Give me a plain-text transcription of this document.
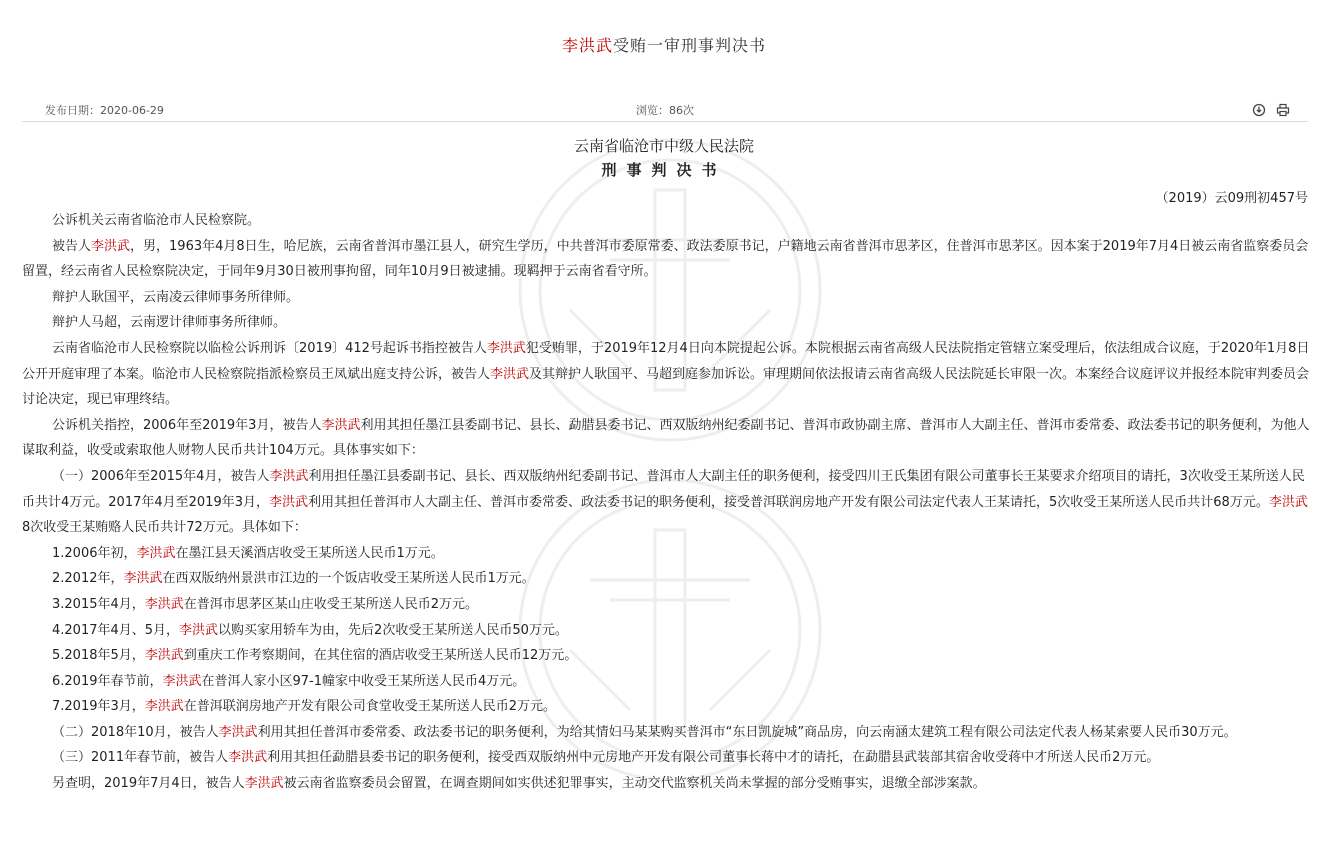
李洪武受贿一审刑事判决书
发布日期：2020-06-29	浏览：86次
云南省临沧市中级人民法院
刑事判决书
（2019）云09刑初457号

公诉机关云南省临沧市人民检察院。

被告人李洪武，男，1963年4月8日生，哈尼族，云南省普洱市墨江县人，研究生学历，中共普洱市委原常委、政法委原书记，户籍地云南省普洱市思茅区，住普洱市思茅区。因本案于2019年7月4日被云南省监察委员会留置，经云南省人民检察院决定，于同年9月30日被刑事拘留，同年10月9日被逮捕。现羁押于云南省看守所。

辩护人耿国平，云南凌云律师事务所律师。

辩护人马超，云南逻计律师事务所律师。

云南省临沧市人民检察院以临检公诉刑诉〔2019〕412号起诉书指控被告人李洪武犯受贿罪，于2019年12月4日向本院提起公诉。本院根据云南省高级人民法院指定管辖立案受理后，依法组成合议庭，于2020年1月8日公开开庭审理了本案。临沧市人民检察院指派检察员王凤斌出庭支持公诉，被告人李洪武及其辩护人耿国平、马超到庭参加诉讼。审理期间依法报请云南省高级人民法院延长审限一次。本案经合议庭评议并报经本院审判委员会讨论决定，现已审理终结。

公诉机关指控，2006年至2019年3月，被告人李洪武利用其担任墨江县委副书记、县长、勐腊县委书记、西双版纳州纪委副书记、普洱市政协副主席、普洱市人大副主任、普洱市委常委、政法委书记的职务便利，为他人谋取利益，收受或索取他人财物人民币共计104万元。具体事实如下：

（一）2006年至2015年4月，被告人李洪武利用担任墨江县委副书记、县长、西双版纳州纪委副书记、普洱市人大副主任的职务便利，接受四川王氏集团有限公司董事长王某要求介绍项目的请托，3次收受王某所送人民币共计4万元。2017年4月至2019年3月，李洪武利用其担任普洱市人大副主任、普洱市委常委、政法委书记的职务便利，接受普洱联润房地产开发有限公司法定代表人王某请托，5次收受王某所送人民币共计68万元。李洪武8次收受王某贿赂人民币共计72万元。具体如下：

1.2006年初，李洪武在墨江县天溪酒店收受王某所送人民币1万元。

2.2012年，李洪武在西双版纳州景洪市江边的一个饭店收受王某所送人民币1万元。

3.2015年4月，李洪武在普洱市思茅区某山庄收受王某所送人民币2万元。

4.2017年4月、5月，李洪武以购买家用轿车为由，先后2次收受王某所送人民币50万元。

5.2018年5月，李洪武到重庆工作考察期间，在其住宿的酒店收受王某所送人民币12万元。

6.2019年春节前，李洪武在普洱人家小区97-1幢家中收受王某所送人民币4万元。

7.2019年3月，李洪武在普洱联润房地产开发有限公司食堂收受王某所送人民币2万元。

（二）2018年10月，被告人李洪武利用其担任普洱市委常委、政法委书记的职务便利，为给其情妇马某某购买普洱市“东日凯旋城”商品房，向云南涵太建筑工程有限公司法定代表人杨某索要人民币30万元。

（三）2011年春节前，被告人李洪武利用其担任勐腊县委书记的职务便利，接受西双版纳州中元房地产开发有限公司董事长蒋中才的请托，在勐腊县武装部其宿舍收受蒋中才所送人民币2万元。

另查明，2019年7月4日，被告人李洪武被云南省监察委员会留置，在调查期间如实供述犯罪事实，主动交代监察机关尚未掌握的部分受贿事实，退缴全部涉案款。
